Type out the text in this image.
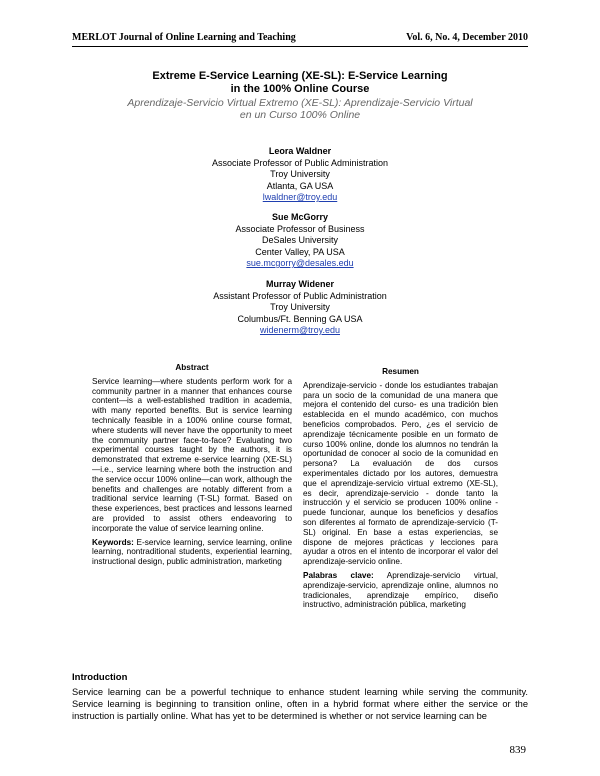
MERLOT Journal of Online Learning and Teaching	Vol. 6, No. 4, December 2010
Extreme E-Service Learning (XE-SL): E-Service Learning
in the 100% Online Course
Aprendizaje-Servicio Virtual Extremo (XE-SL): Aprendizaje-Servicio Virtual
en un Curso 100% Online
Leora Waldner
Associate Professor of Public Administration
Troy University
Atlanta, GA USA
lwaldner@troy.edu
Sue McGorry
Associate Professor of Business
DeSales University
Center Valley, PA USA
sue.mcgorry@desales.edu
Murray Widener
Assistant Professor of Public Administration
Troy University
Columbus/Ft. Benning GA USA
widenerm@troy.edu
Abstract

Service learning—where students perform work for a community partner in a manner that enhances course content—is a well-established tradition in academia, with many reported benefits. But is service learning technically feasible in a 100% online course format, where students will never have the opportunity to meet the community partner face-to-face? Evaluating two experimental courses taught by the authors, it is demonstrated that extreme e-service learning (XE-SL)—i.e., service learning where both the instruction and the service occur 100% online—can work, although the benefits and challenges are notably different from a traditional service learning (T-SL) format. Based on these experiences, best practices and lessons learned are provided to assist others endeavoring to incorporate the value of service learning online.

Keywords: E-service learning, service learning, online learning, nontraditional students, experiential learning, instructional design, public administration, marketing

Resumen

Aprendizaje-servicio - donde los estudiantes trabajan para un socio de la comunidad de una manera que mejora el contenido del curso- es una tradición bien establecida en el mundo académico, con muchos beneficios comprobados. Pero, ¿es el servicio de aprendizaje técnicamente posible en un formato de curso 100% online, donde los alumnos no tendrán la oportunidad de conocer al socio de la comunidad en persona? La evaluación de dos cursos experimentales dictado por los autores, demuestra que el aprendizaje-servicio virtual extremo (XE-SL), es decir, aprendizaje-servicio - donde tanto la instrucción y el servicio se producen 100% online - puede funcionar, aunque los beneficios y desafíos son diferentes al formato de aprendizaje-servicio (T-SL) original. En base a estas experiencias, se dispone de mejores prácticas y lecciones para ayudar a otros en el intento de incorporar el valor del aprendizaje-servicio online.

Palabras clave: Aprendizaje-servicio virtual, aprendizaje-servicio, aprendizaje online, alumnos no tradicionales, aprendizaje empírico, diseño instructivo, administración pública, marketing

Introduction
Service learning can be a powerful technique to enhance student learning while serving the community. Service learning is beginning to transition online, often in a hybrid format where either the service or the instruction is partially online. What has yet to be determined is whether or not service learning can be
839
